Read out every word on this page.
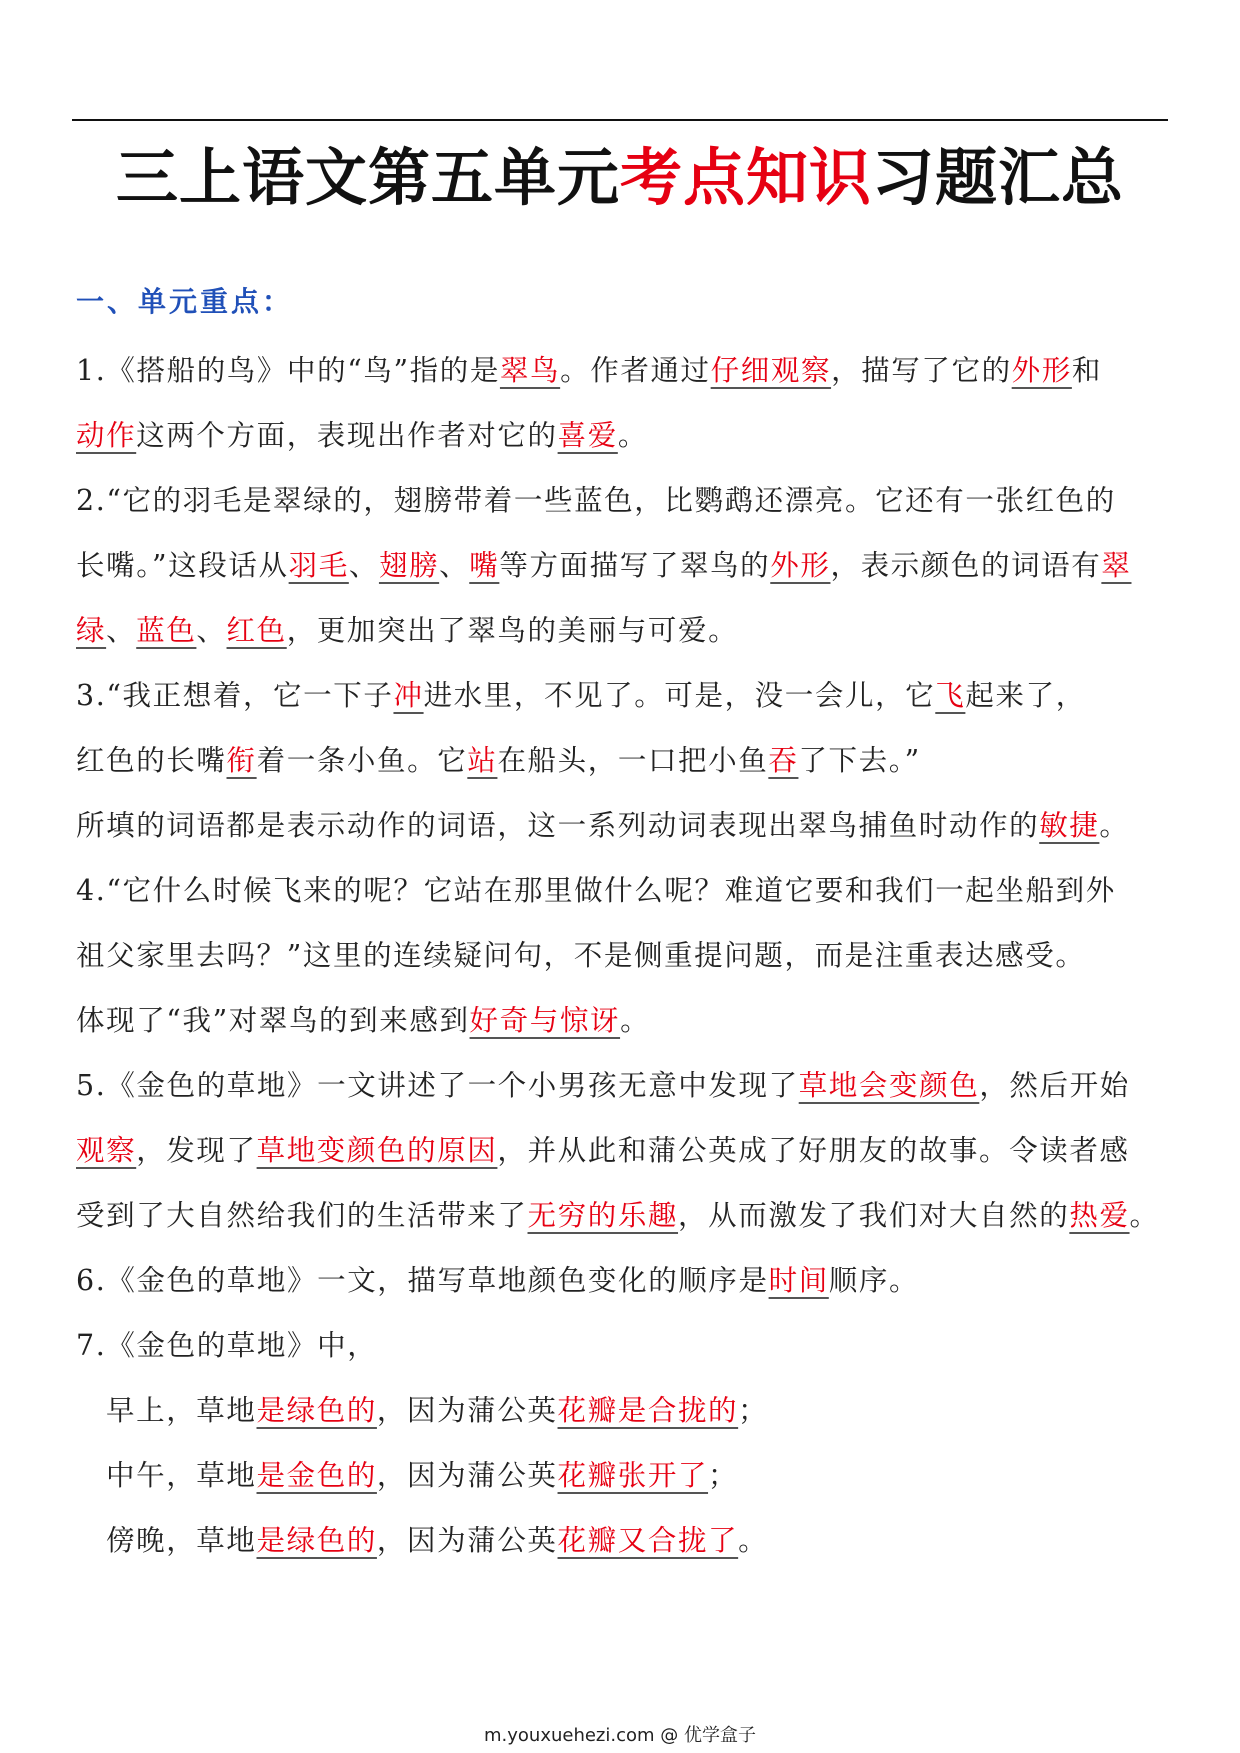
三上语文第五单元考点知识习题汇总
一、单元重点：

1.《搭船的鸟》中的“鸟”指的是翠鸟。作者通过仔细观察，描写了它的外形和

动作这两个方面，表现出作者对它的喜爱。

2.“它的羽毛是翠绿的，翅膀带着一些蓝色，比鹦鹉还漂亮。它还有一张红色的

长嘴。”这段话从羽毛、翅膀、嘴等方面描写了翠鸟的外形，表示颜色的词语有翠

绿、蓝色、红色，更加突出了翠鸟的美丽与可爱。

3.“我正想着，它一下子冲进水里，不见了。可是，没一会儿，它飞起来了，

红色的长嘴衔着一条小鱼。它站在船头，一口把小鱼吞了下去。”

所填的词语都是表示动作的词语，这一系列动词表现出翠鸟捕鱼时动作的敏捷。

4.“它什么时候飞来的呢？它站在那里做什么呢？难道它要和我们一起坐船到外

祖父家里去吗？”这里的连续疑问句，不是侧重提问题，而是注重表达感受。

体现了“我”对翠鸟的到来感到好奇与惊讶。

5.《金色的草地》一文讲述了一个小男孩无意中发现了草地会变颜色，然后开始

观察，发现了草地变颜色的原因，并从此和蒲公英成了好朋友的故事。令读者感

受到了大自然给我们的生活带来了无穷的乐趣，从而激发了我们对大自然的热爱。

6.《金色的草地》一文，描写草地颜色变化的顺序是时间顺序。

7.《金色的草地》中，

早上，草地是绿色的，因为蒲公英花瓣是合拢的；

中午，草地是金色的，因为蒲公英花瓣张开了；

傍晚，草地是绿色的，因为蒲公英花瓣又合拢了。

m.youxuehezi.com @ 优学盒子
